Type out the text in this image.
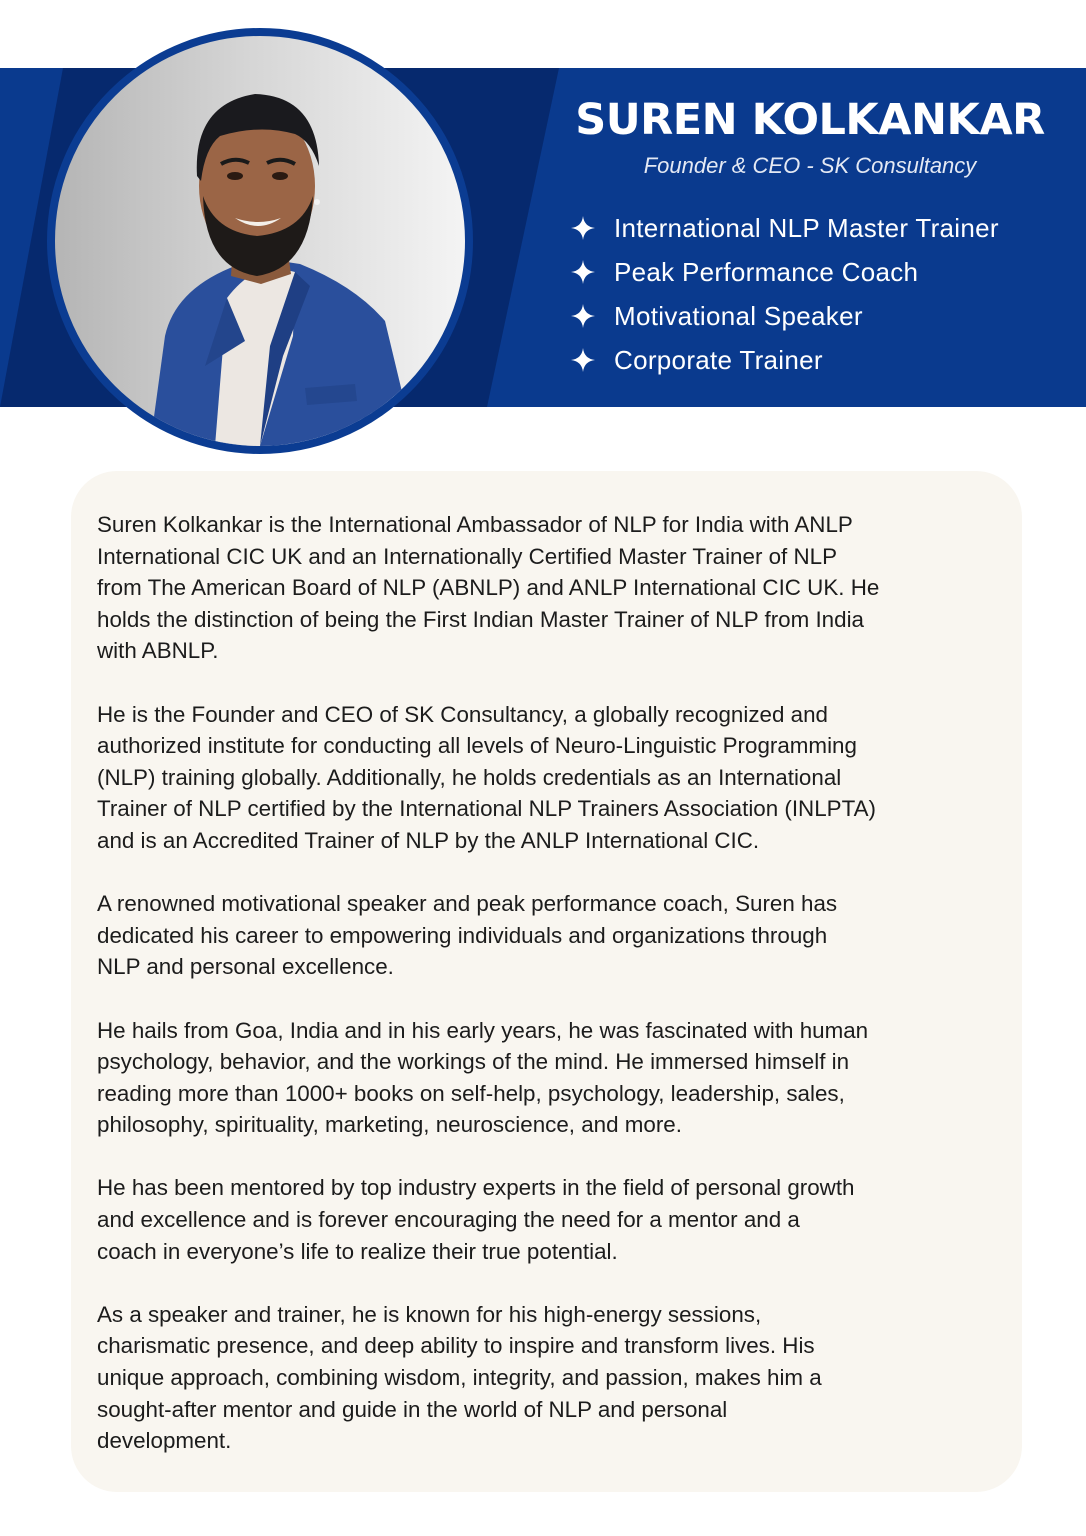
SUREN KOLKANKAR
Founder & CEO - SK Consultancy
International NLP Master Trainer
Peak Performance Coach
Motivational Speaker
Corporate Trainer

Suren Kolkankar is the International Ambassador of NLP for India with ANLP
International CIC UK and an Internationally Certified Master Trainer of NLP
from The American Board of NLP (ABNLP) and ANLP International CIC UK. He
holds the distinction of being the First Indian Master Trainer of NLP from India
with ABNLP.

He is the Founder and CEO of SK Consultancy, a globally recognized and
authorized institute for conducting all levels of Neuro-Linguistic Programming
(NLP) training globally. Additionally, he holds credentials as an International
Trainer of NLP certified by the International NLP Trainers Association (INLPTA)
and is an Accredited Trainer of NLP by the ANLP International CIC.

A renowned motivational speaker and peak performance coach, Suren has
dedicated his career to empowering individuals and organizations through
NLP and personal excellence.

He hails from Goa, India and in his early years, he was fascinated with human
psychology, behavior, and the workings of the mind. He immersed himself in
reading more than 1000+ books on self-help, psychology, leadership, sales,
philosophy, spirituality, marketing, neuroscience, and more.

He has been mentored by top industry experts in the field of personal growth
and excellence and is forever encouraging the need for a mentor and a
coach in everyone’s life to realize their true potential.

As a speaker and trainer, he is known for his high-energy sessions,
charismatic presence, and deep ability to inspire and transform lives. His
unique approach, combining wisdom, integrity, and passion, makes him a
sought-after mentor and guide in the world of NLP and personal
development.
